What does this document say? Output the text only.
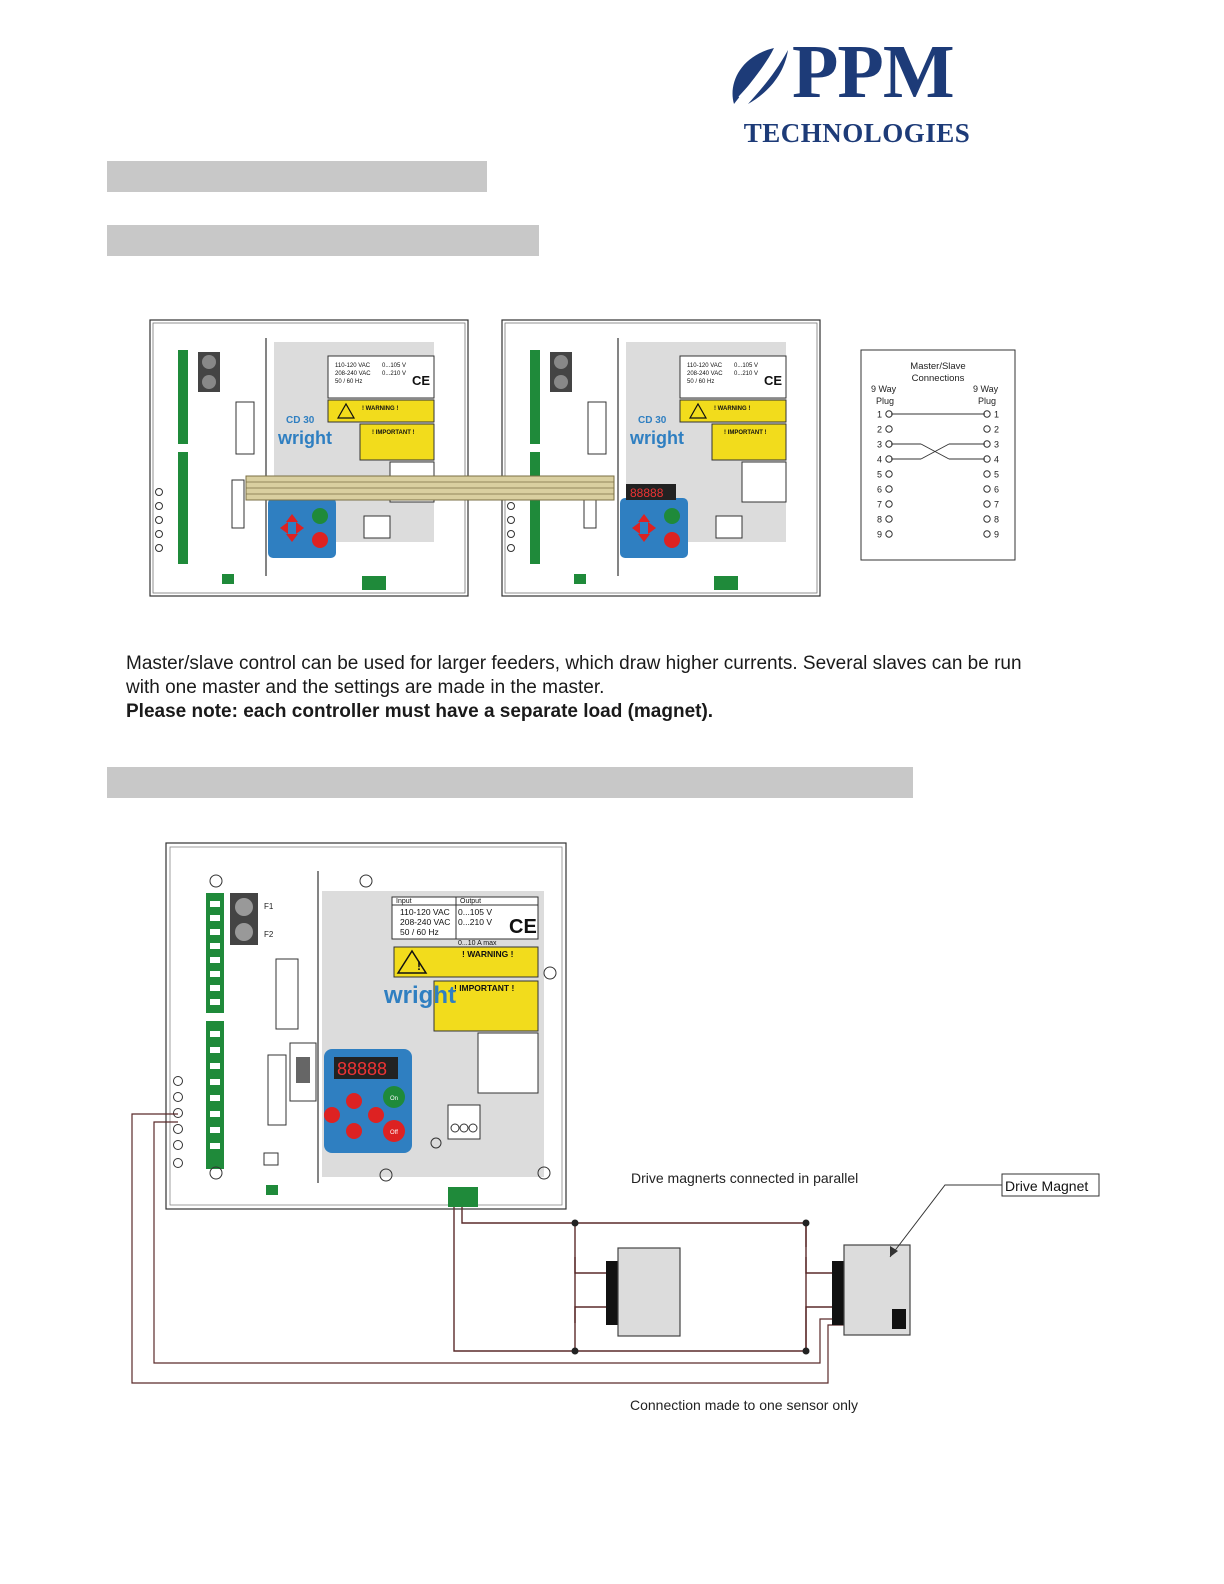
PPM
TECHNOLOGIES
CD 30
wright
110-120 VAC
208-240 VAC
50 / 60 Hz
0...105 V
0...210 V CE
! WARNING !
! IMPORTANT !
CD 30
wright
110-120 VAC
208-240 VAC
50 / 60 Hz
0...105 V
0...210 V CE
! WARNING !
! IMPORTANT !
88888
Master/Slave
Connections
9 Way
Plug
9 Way
Plug
1	1
2	2
3	3
4	4
5	5
6	6
7	7
8	8
9	9

Master/slave control can be used for larger feeders, which draw higher currents. Several slaves can be run

with one master and the settings are made in the master.

Please note: each controller must have a separate load (magnet).

F1
F2
Input	Output
110-120 VAC
208-240 VAC
50 / 60 Hz
0...105 V
0...210 V
0...10 A max
CE
!
! WARNING !
! IMPORTANT !
wright
88888
On
Off
Drive magnerts connected in parallel	Drive Magnet
Connection made to one sensor only
